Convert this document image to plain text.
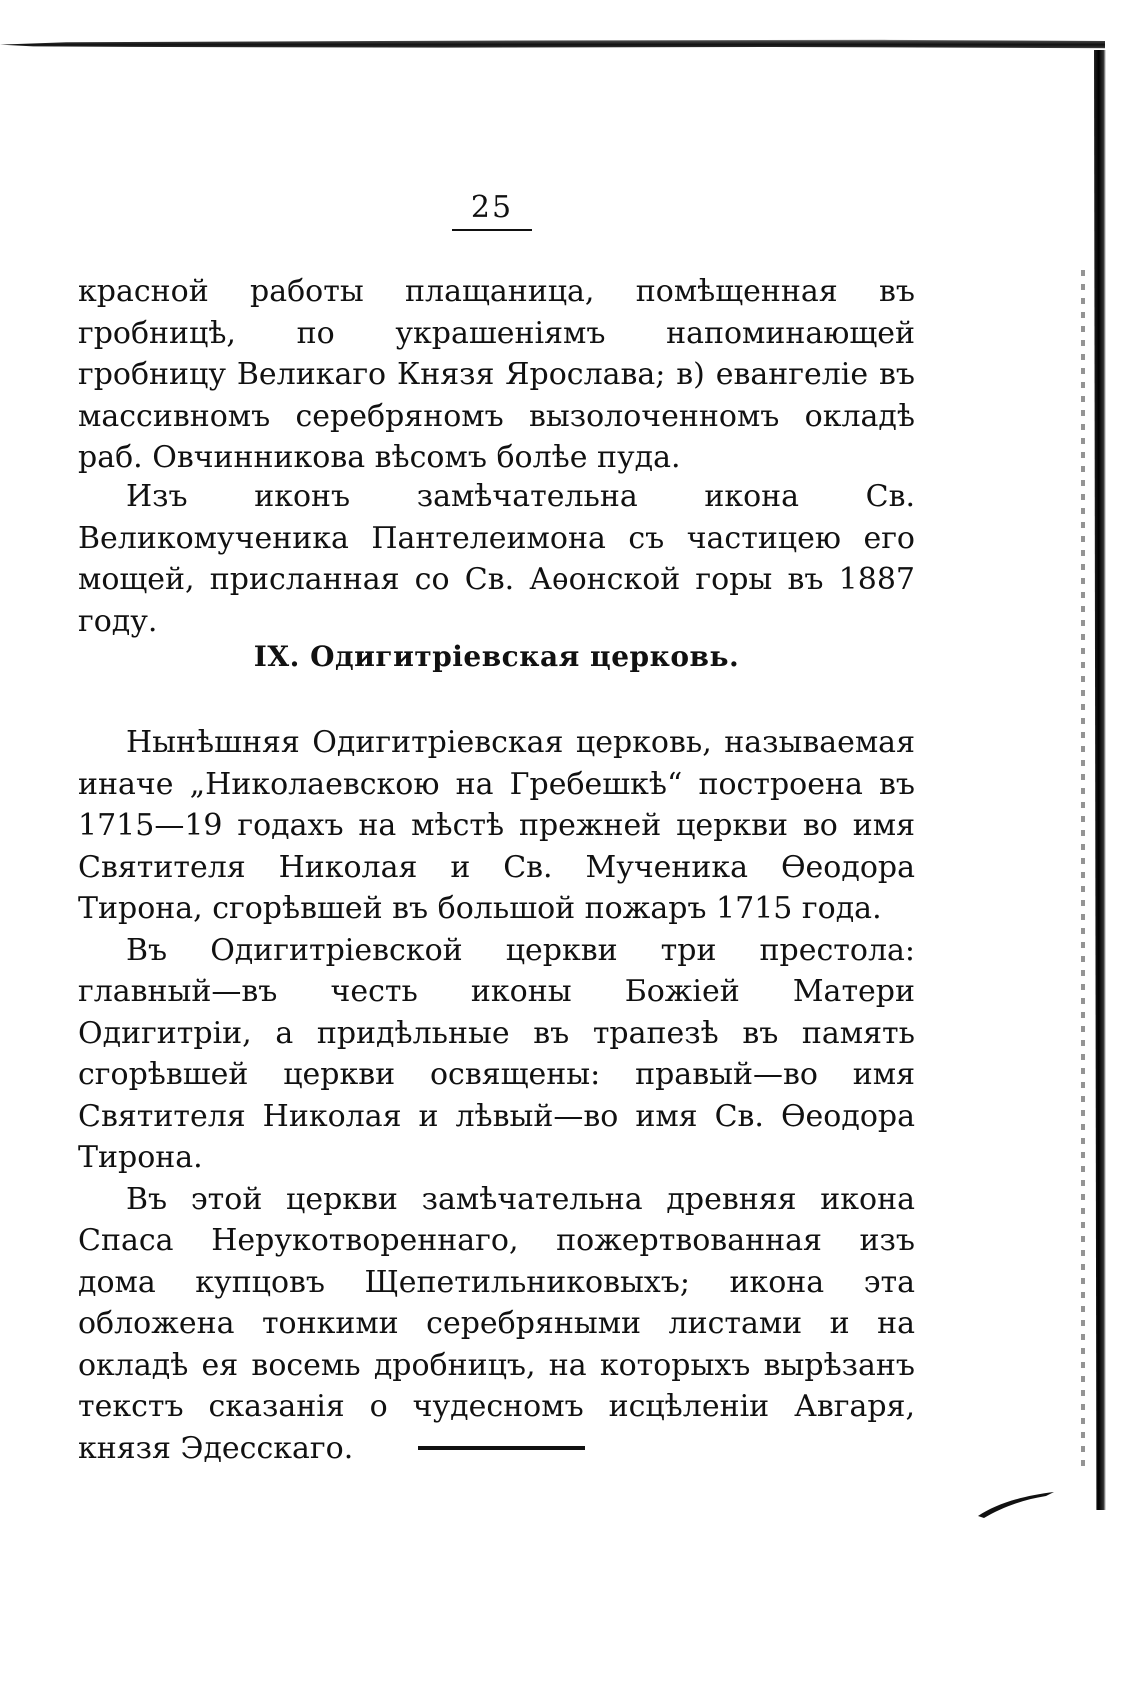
25

красной работы плащаница, помѣщенная въ гробницѣ, по украшеніямъ напоминающей гробницу Великаго Князя Ярослава; в) евангеліе въ массивномъ серебряномъ вызолоченномъ окладѣ раб. Овчинникова вѣсомъ болѣе пуда.

Изъ иконъ замѣчательна икона Св. Великомученика Пантелеимона съ частицею его мощей, присланная со Св. Аѳонской горы въ 1887 году.

IX. Одигитріевская церковь.

Нынѣшняя Одигитріевская церковь, называемая иначе „Николаевскою на Гребешкѣ“ построена въ 1715—19 годахъ на мѣстѣ прежней церкви во имя Святителя Николая и Св. Мученика Ѳеодора Тирона, сгорѣвшей въ большой пожаръ 1715 года.

Въ Одигитріевской церкви три престола: главный—въ честь иконы Божіей Матери Одигитріи, а придѣльные въ трапезѣ въ память сгорѣвшей церкви освящены: правый—во имя Святителя Николая и лѣвый—во имя Св. Ѳеодора Тирона.

Въ этой церкви замѣчательна древняя икона Спаса Нерукотвореннаго, пожертвованная изъ дома купцовъ Щепетильниковыхъ; икона эта обложена тонкими серебряными листами и на окладѣ ея восемь дробницъ, на которыхъ вырѣзанъ текстъ сказанія о чудесномъ исцѣленіи Авгаря, князя Эдесскаго.
